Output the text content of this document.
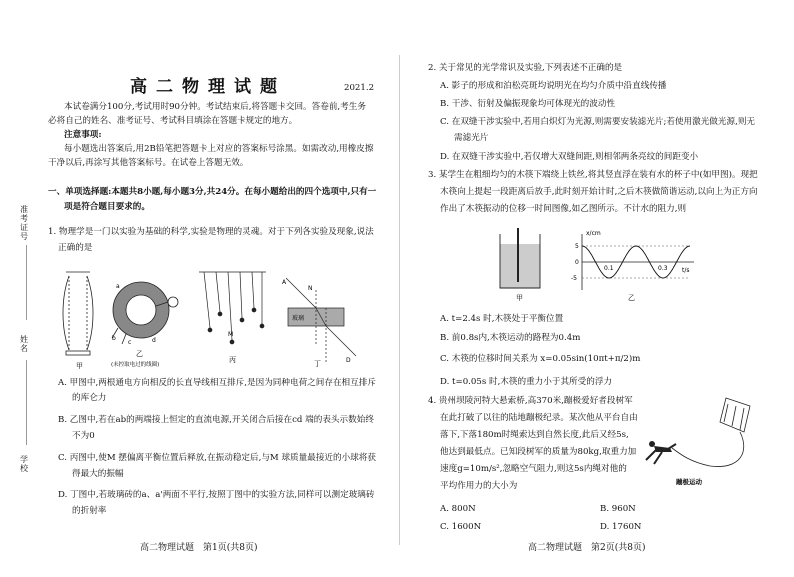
准考证号
姓名
学校
高二物理试题	2021.2
本试卷满分100分,考试用时90分钟。考试结束后,将答题卡交回。答卷前,考生务
必将自己的姓名、准考证号、考试科目填涂在答题卡规定的地方。
注意事项:
每小题选出答案后,用2B铅笔把答题卡上对应的答案标号涂黑。如需改动,用橡皮擦
干净以后,再涂写其他答案标号。在试卷上答题无效。
一、单项选择题:本题共8小题,每小题3分,共24分。在每小题给出的四个选项中,只有一
项是符合题目要求的。
1. 物理学是一门以实验为基础的科学,实验是物理的灵魂。对于下列各实验及现象,说法
正确的是
甲
b
a
d
c
乙
(未控取电过的线圈)
M
丙
玻璃
A
N
D
丁
A. 甲图中,两根通电方向相反的长直导线相互排斥,是因为同种电荷之间存在相互排斥
的库仑力
B. 乙图中,若在ab的两端接上恒定的直流电源,开关闭合后接在cd 端的表头示数始终
不为0
C. 丙图中,使M 摆偏离平衡位置后释放,在振动稳定后,与M 球质量最接近的小球将获
得最大的振幅
D. 丁图中,若玻璃砖的a、a'两面不平行,按照丁图中的实验方法,同样可以测定玻璃砖
的折射率
高二物理试题　第1页(共8页)
2. 关于常见的光学常识及实验,下列表述不正确的是
A. 影子的形成和泊松亮斑均说明光在均匀介质中沿直线传播
B. 干涉、衍射及偏振现象均可体现光的波动性
C. 在双缝干涉实验中,若用白炽灯为光源,则需要安装滤光片;若使用激光做光源,则无
需滤光片
D. 在双缝干涉实验中,若仅增大双缝间距,则相邻两条亮纹的间距变小
3. 某学生在粗细均匀的木筷下端绕上铁丝,将其竖直浮在装有水的杯子中(如甲图)。现把
木筷向上提起一段距离后放手,此时刻开始计时,之后木筷做简谐运动,以向上为正方向
作出了木筷振动的位移一时间图像,如乙图所示。不计水的阻力,则
甲
x/cm
t/s
5
0
-5
0.1	0.3
乙
A. t=2.4s 时,木筷处于平衡位置
B. 前0.8s内,木筷运动的路程为0.4m
C. 木筷的位移时间关系为 x=0.05sin(10πt+π/2)m
D. t=0.05s 时,木筷的重力小于其所受的浮力
4. 贵州坝陵河特大悬索桥,高370米,蹦极爱好者段树军
在此打破了以往的陆地蹦极纪录。某次他从平台自由
落下,下落180m时绳索达到自然长度,此后又经5s,
他达到最低点。已知段树军的质量为80kg,取重力加
速度g=10m/s²,忽略空气阻力,则这5s内绳对他的
平均作用力的大小为	蹦极运动
A. 800N	B. 960N
C. 1600N	D. 1760N
高二物理试题　第2页(共8页)
